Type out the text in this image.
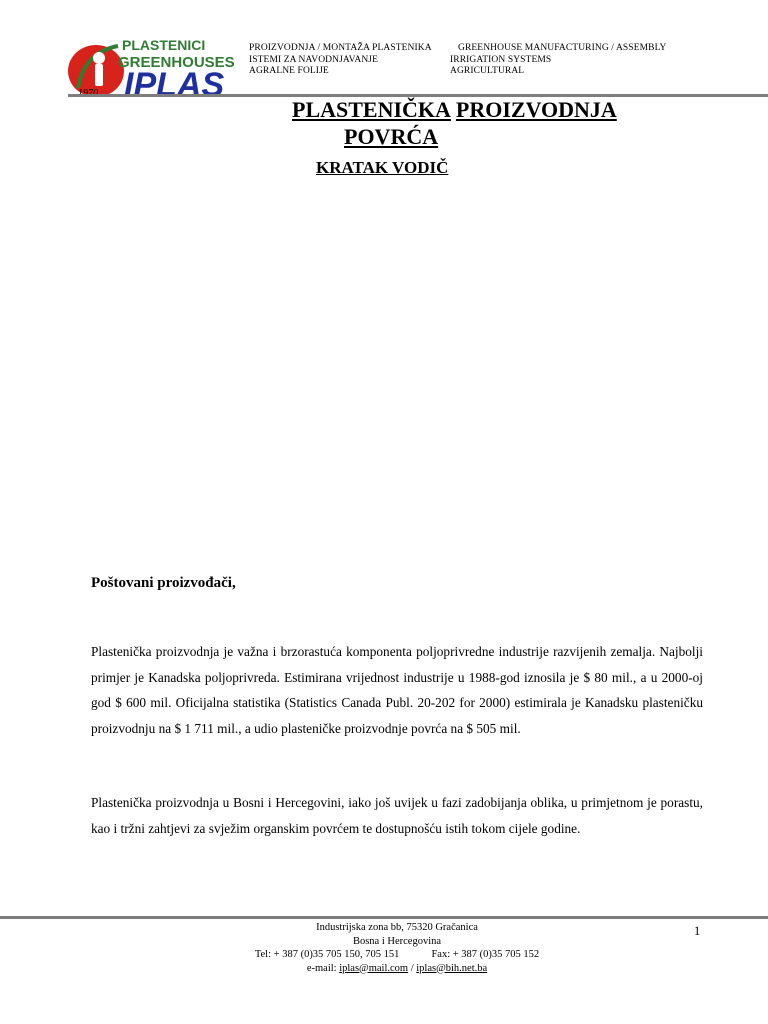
PLASTENICI
GREENHOUSES
IPLAS
1970
PROIZVODNJA / MONTAŽA PLASTENIKA
ISTEMI ZA NAVODNJAVANJE
AGRALNE FOLIJE
GREENHOUSE MANUFACTURING / ASSEMBLY
IRRIGATION SYSTEMS
AGRICULTURAL
PLASTENIČKA PROIZVODNJA
POVRĆA
KRATAK VODIČ
Poštovani proizvođači,
Plastenička proizvodnja je važna i brzorastuća komponenta poljoprivredne industrije razvijenih zemalja. Najbolji primjer je Kanadska poljoprivreda. Estimirana vrijednost industrije u 1988-god iznosila je $ 80 mil., a u 2000-oj god $ 600 mil. Oficijalna statistika (Statistics Canada Publ. 20-202 for 2000) estimirala je Kanadsku plasteničku proizvodnju na $ 1 711 mil., a udio plasteničke proizvodnje povrća na $ 505 mil.
Plastenička proizvodnja u Bosni i Hercegovini, iako još uvijek u fazi zadobijanja oblika, u primjetnom je porastu, kao i tržni zahtjevi za svježim organskim povrćem te dostupnošću istih tokom cijele godine.
Industrijska zona bb, 75320 Gračanica
Bosna i Hercegovina
Tel: + 387 (0)35 705 150, 705 151	Fax: + 387 (0)35 705 152
e-mail: iplas@mail.com / iplas@bih.net.ba
1
